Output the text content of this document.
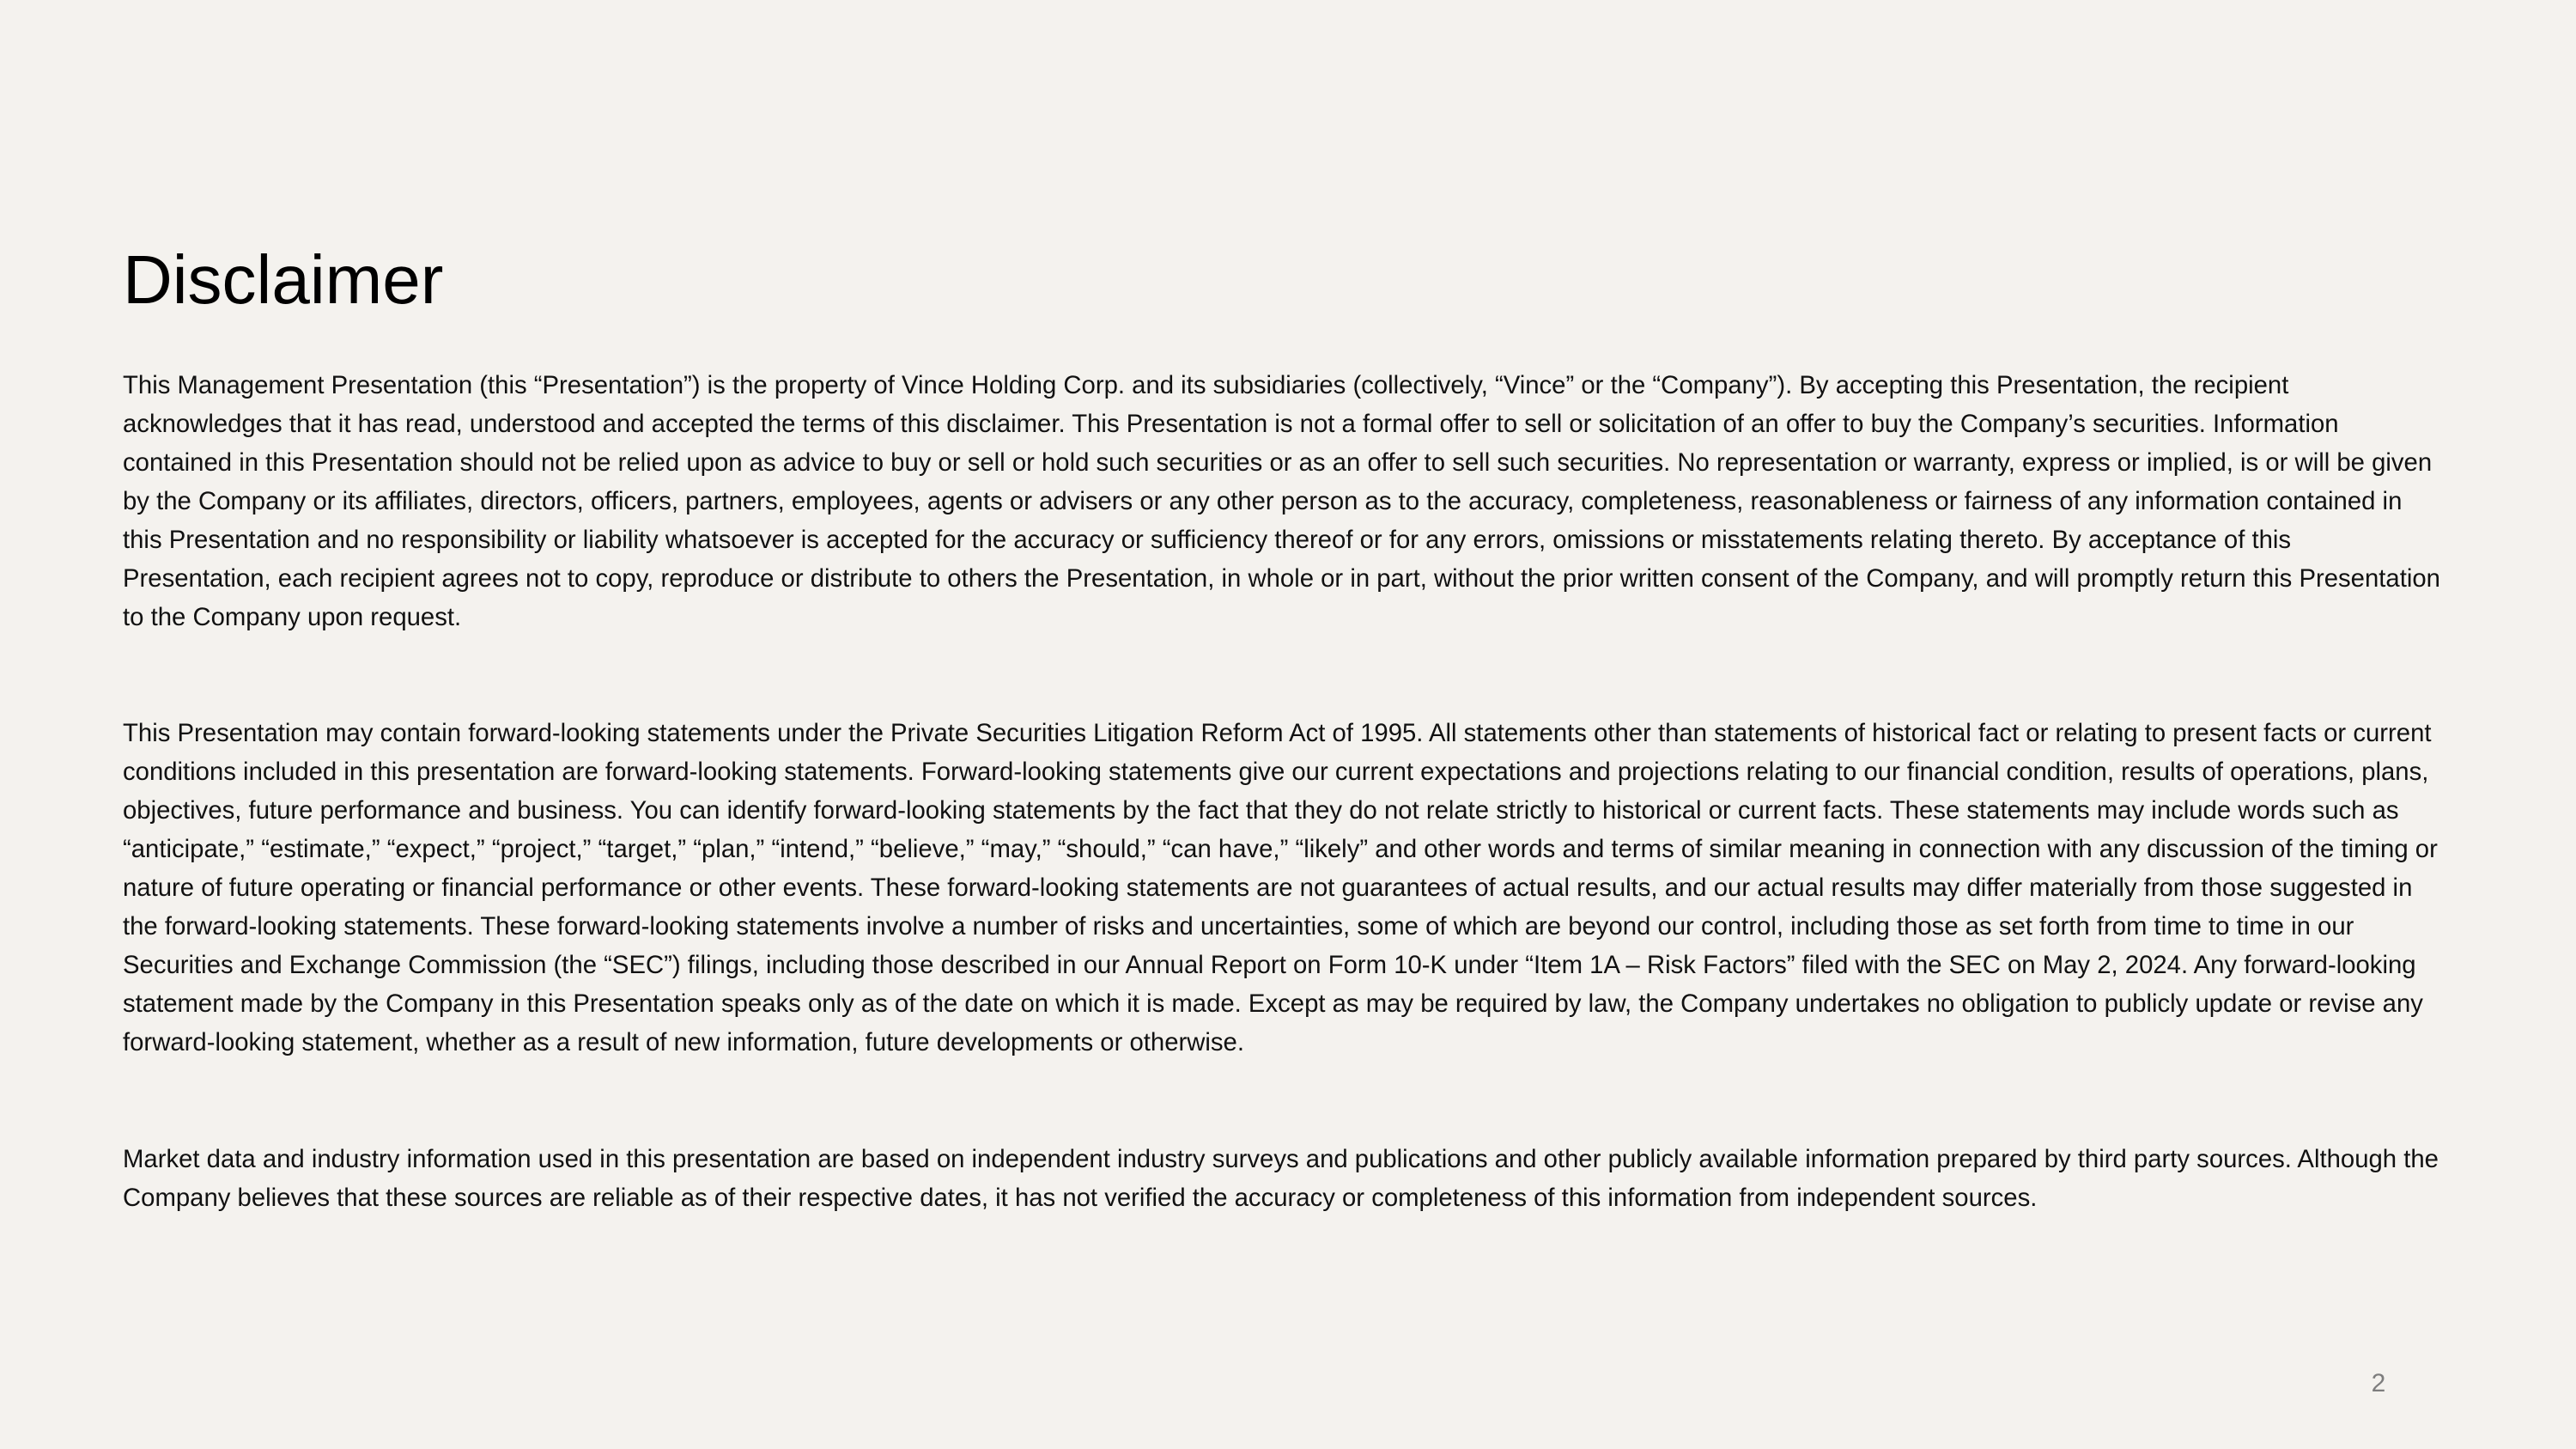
Disclaimer

This Management Presentation (this “Presentation”) is the property of Vince Holding Corp. and its subsidiaries (collectively, “Vince” or the “Company”). By accepting this Presentation, the recipient acknowledges that it has read, understood and accepted the terms of this disclaimer. This Presentation is not a formal offer to sell or solicitation of an offer to buy the Company’s securities. Information contained in this Presentation should not be relied upon as advice to buy or sell or hold such securities or as an offer to sell such securities. No representation or warranty, express or implied, is or will be given by the Company or its affiliates, directors, officers, partners, employees, agents or advisers or any other person as to the accuracy, completeness, reasonableness or fairness of any information contained in this Presentation and no responsibility or liability whatsoever is accepted for the accuracy or sufficiency thereof or for any errors, omissions or misstatements relating thereto. By acceptance of this Presentation, each recipient agrees not to copy, reproduce or distribute to others the Presentation, in whole or in part, without the prior written consent of the Company, and will promptly return this Presentation to the Company upon request.

This Presentation may contain forward-looking statements under the Private Securities Litigation Reform Act of 1995. All statements other than statements of historical fact or relating to present facts or current conditions included in this presentation are forward-looking statements. Forward-looking statements give our current expectations and projections relating to our financial condition, results of operations, plans, objectives, future performance and business. You can identify forward-looking statements by the fact that they do not relate strictly to historical or current facts. These statements may include words such as “anticipate,” “estimate,” “expect,” “project,” “target,” “plan,” “intend,” “believe,” “may,” “should,” “can have,” “likely” and other words and terms of similar meaning in connection with any discussion of the timing or nature of future operating or financial performance or other events. These forward-looking statements are not guarantees of actual results, and our actual results may differ materially from those suggested in the forward-looking statements. These forward-looking statements involve a number of risks and uncertainties, some of which are beyond our control, including those as set forth from time to time in our Securities and Exchange Commission (the “SEC”) filings, including those described in our Annual Report on Form 10-K under “Item 1A – Risk Factors” filed with the SEC on May 2, 2024. Any forward-looking statement made by the Company in this Presentation speaks only as of the date on which it is made. Except as may be required by law, the Company undertakes no obligation to publicly update or revise any forward-looking statement, whether as a result of new information, future developments or otherwise.

Market data and industry information used in this presentation are based on independent industry surveys and publications and other publicly available information prepared by third party sources. Although the Company believes that these sources are reliable as of their respective dates, it has not verified the accuracy or completeness of this information from independent sources.

2
